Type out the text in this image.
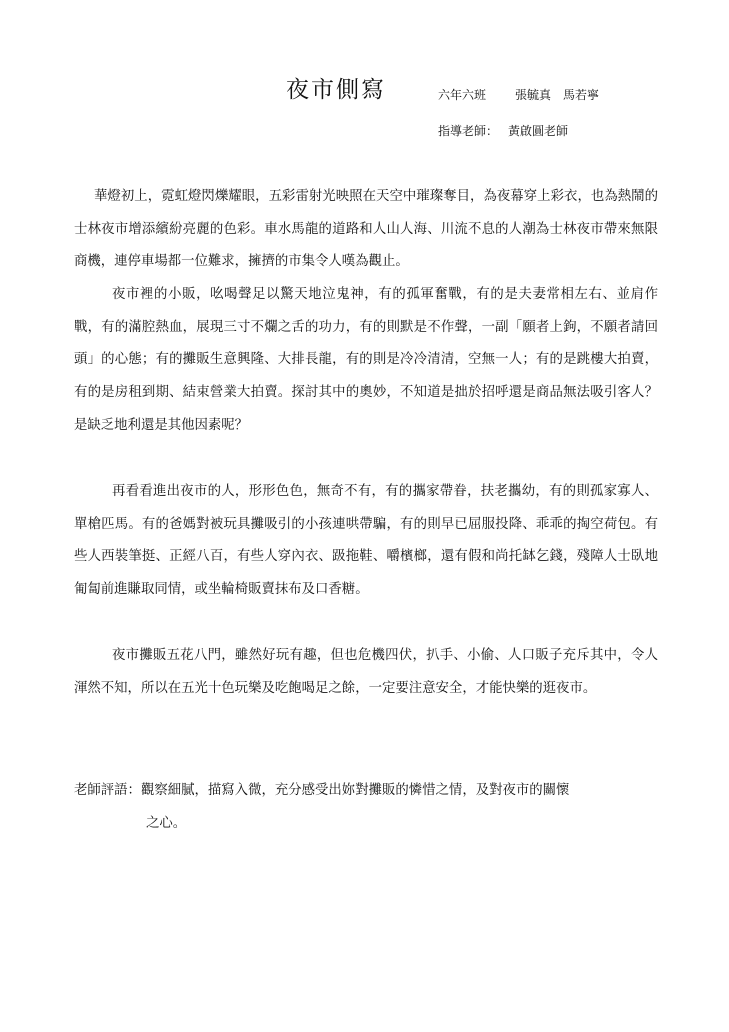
夜市側寫	六年六班 張毓真　馬若寧
指導老師： 黃啟圓老師
華燈初上，霓虹燈閃爍耀眼，五彩雷射光映照在天空中璀璨奪目，為夜幕穿上彩衣，也為熱鬧的士林夜市增添繽紛亮麗的色彩。車水馬龍的道路和人山人海、川流不息的人潮為士林夜市帶來無限商機，連停車場都一位難求，擁擠的市集令人嘆為觀止。
夜市裡的小販，吆喝聲足以驚天地泣鬼神，有的孤軍奮戰，有的是夫妻常相左右、並肩作戰，有的滿腔熱血，展現三寸不爛之舌的功力，有的則默是不作聲，一副「願者上鉤，不願者請回頭」的心態；有的攤販生意興隆、大排長龍，有的則是冷冷清清，空無一人；有的是跳樓大拍賣，有的是房租到期、結束營業大拍賣。探討其中的奧妙，不知道是拙於招呼還是商品無法吸引客人？是缺乏地利還是其他因素呢？
再看看進出夜市的人，形形色色，無奇不有，有的攜家帶眷，扶老攜幼，有的則孤家寡人、單槍匹馬。有的爸媽對被玩具攤吸引的小孩連哄帶騙，有的則早已屈服投降、乖乖的掏空荷包。有些人西裝筆挺、正經八百，有些人穿內衣、趿拖鞋、嚼檳榔，還有假和尚托缽乞錢，殘障人士臥地匍匐前進賺取同情，或坐輪椅販賣抹布及口香糖。
夜市攤販五花八門，雖然好玩有趣，但也危機四伏，扒手、小偷、人口販子充斥其中，令人渾然不知，所以在五光十色玩樂及吃飽喝足之餘，一定要注意安全，才能快樂的逛夜市。
老師評語：觀察細膩，描寫入微，充分感受出妳對攤販的憐惜之情，及對夜市的關懷
之心。
